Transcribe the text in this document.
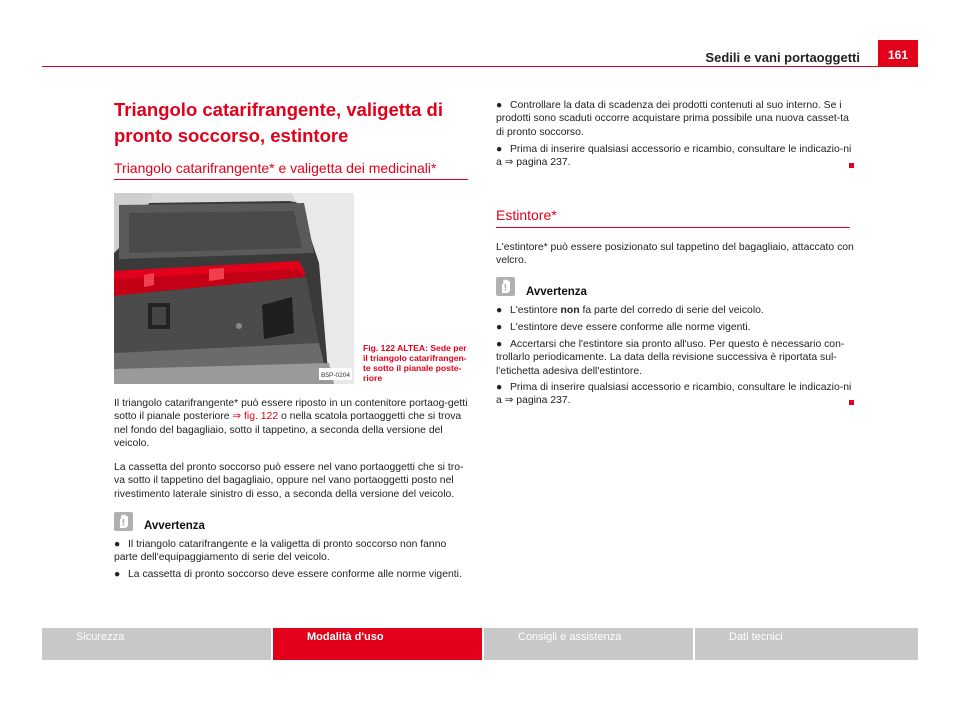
Sedili e vani portaoggetti	161
Triangolo catarifrangente, valigetta di pronto soccorso, estintore
Triangolo catarifrangente* e valigetta dei medicinali*
B5P-0204
Fig. 122 ALTEA: Sede per il triangolo catarifrangen-te sotto il pianale poste-riore
Il triangolo catarifrangente* può essere riposto in un contenitore portaog-getti sotto il pianale posteriore ⇒ fig. 122 o nella scatola portaoggetti che si trova nel fondo del bagagliaio, sotto il tappetino, a seconda della versione del veicolo.
La cassetta del pronto soccorso può essere nel vano portaoggetti che si tro-va sotto il tappetino del bagagliaio, oppure nel vano portaoggetti posto nel rivestimento laterale sinistro di esso, a seconda della versione del veicolo.
Avvertenza
● Il triangolo catarifrangente e la valigetta di pronto soccorso non fanno parte dell'equipaggiamento di serie del veicolo.
● La cassetta di pronto soccorso deve essere conforme alle norme vigenti.
● Controllare la data di scadenza dei prodotti contenuti al suo interno. Se i prodotti sono scaduti occorre acquistare prima possibile una nuova casset-ta di pronto soccorso.
● Prima di inserire qualsiasi accessorio e ricambio, consultare le indicazio-ni a ⇒ pagina 237.
Estintore*
L'estintore* può essere posizionato sul tappetino del bagagliaio, attaccato con velcro.
Avvertenza
● L'estintore non fa parte del corredo di serie del veicolo.
● L'estintore deve essere conforme alle norme vigenti.
● Accertarsi che l'estintore sia pronto all'uso. Per questo è necessario con-trollarlo periodicamente. La data della revisione successiva è riportata sul-l'etichetta adesiva dell'estintore.
● Prima di inserire qualsiasi accessorio e ricambio, consultare le indicazio-ni a ⇒ pagina 237.
Sicurezza	Modalità d'uso	Consigli e assistenza	Dati tecnici
